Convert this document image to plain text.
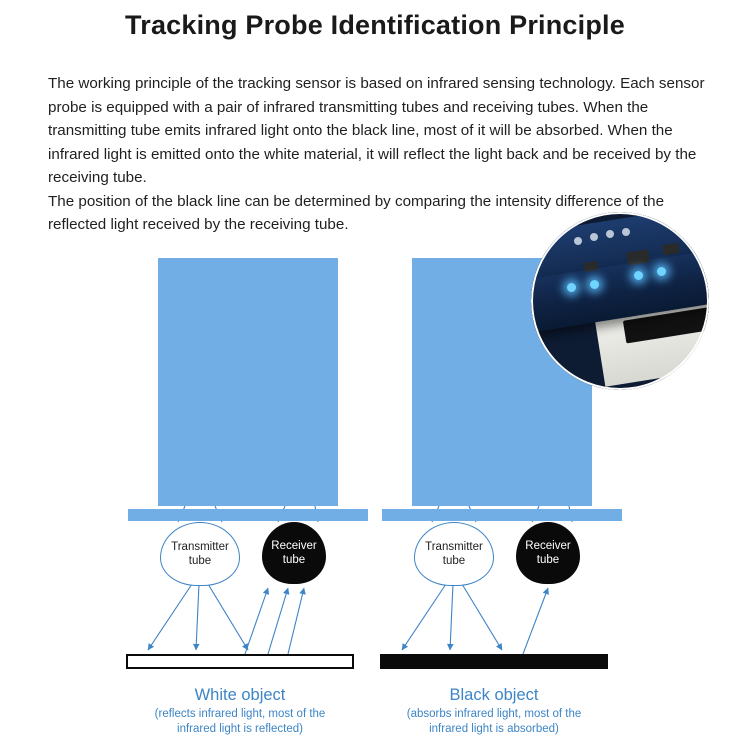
Tracking Probe Identification Principle

The working principle of the tracking sensor is based on infrared sensing technology. Each sensor probe is equipped with a pair of infrared transmitting tubes and receiving tubes. When the transmitting tube emits infrared light onto the black line, most of it will be absorbed. When the infrared light is emitted onto the white material, it will reflect the light back and be received by the receiving tube.

The position of the black line can be determined by comparing the intensity difference of the reflected light received by the receiving tube.

Transmitter
tube
Receiver
tube
Transmitter
tube
Receiver
tube
White object
(reflects infrared light, most of the
infrared light is reflected)
Black object
(absorbs infrared light, most of the
infrared light is absorbed)
